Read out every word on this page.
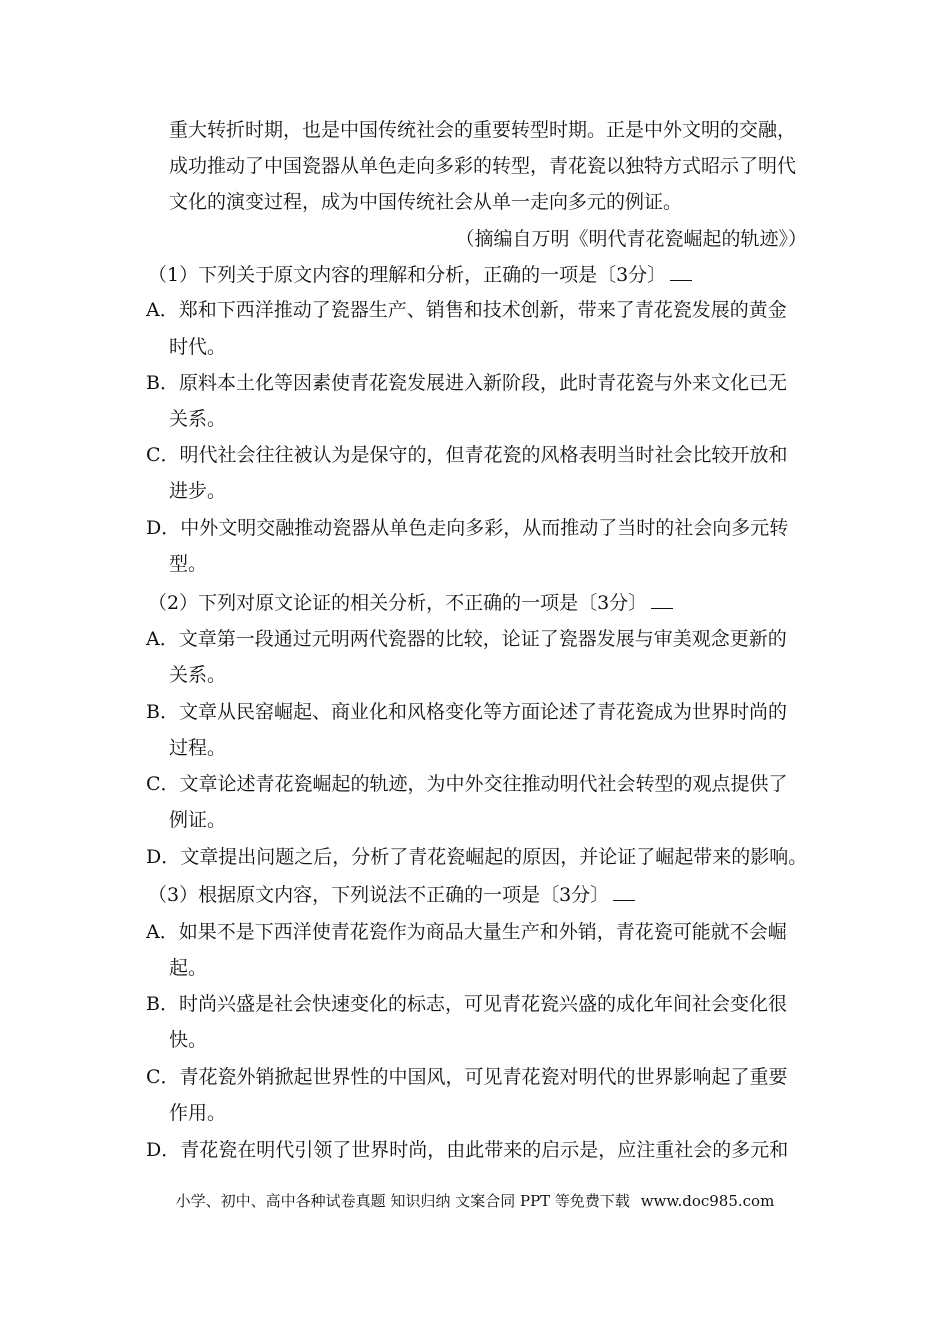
重大转折时期，也是中国传统社会的重要转型时期。正是中外文明的交融，
成功推动了中国瓷器从单色走向多彩的转型，青花瓷以独特方式昭示了明代
文化的演变过程，成为中国传统社会从单一走向多元的例证。
（摘编自万明《明代青花瓷崛起的轨迹》）
（1）下列关于原文内容的理解和分析，正确的一项是〔3分〕
A．郑和下西洋推动了瓷器生产、销售和技术创新，带来了青花瓷发展的黄金
时代。
B．原料本土化等因素使青花瓷发展进入新阶段，此时青花瓷与外来文化已无
关系。
C．明代社会往往被认为是保守的，但青花瓷的风格表明当时社会比较开放和
进步。
D．中外文明交融推动瓷器从单色走向多彩，从而推动了当时的社会向多元转
型。
（2）下列对原文论证的相关分析，不正确的一项是〔3分〕
A．文章第一段通过元明两代瓷器的比较，论证了瓷器发展与审美观念更新的
关系。
B．文章从民窑崛起、商业化和风格变化等方面论述了青花瓷成为世界时尚的
过程。
C．文章论述青花瓷崛起的轨迹，为中外交往推动明代社会转型的观点提供了
例证。
D．文章提出问题之后，分析了青花瓷崛起的原因，并论证了崛起带来的影响。
（3）根据原文内容，下列说法不正确的一项是〔3分〕
A．如果不是下西洋使青花瓷作为商品大量生产和外销，青花瓷可能就不会崛
起。
B．时尚兴盛是社会快速变化的标志，可见青花瓷兴盛的成化年间社会变化很
快。
C．青花瓷外销掀起世界性的中国风，可见青花瓷对明代的世界影响起了重要
作用。
D．青花瓷在明代引领了世界时尚，由此带来的启示是，应注重社会的多元和
小学、初中、高中各种试卷真题 知识归纳 文案合同 PPT 等免费下载 www.doc985.com
